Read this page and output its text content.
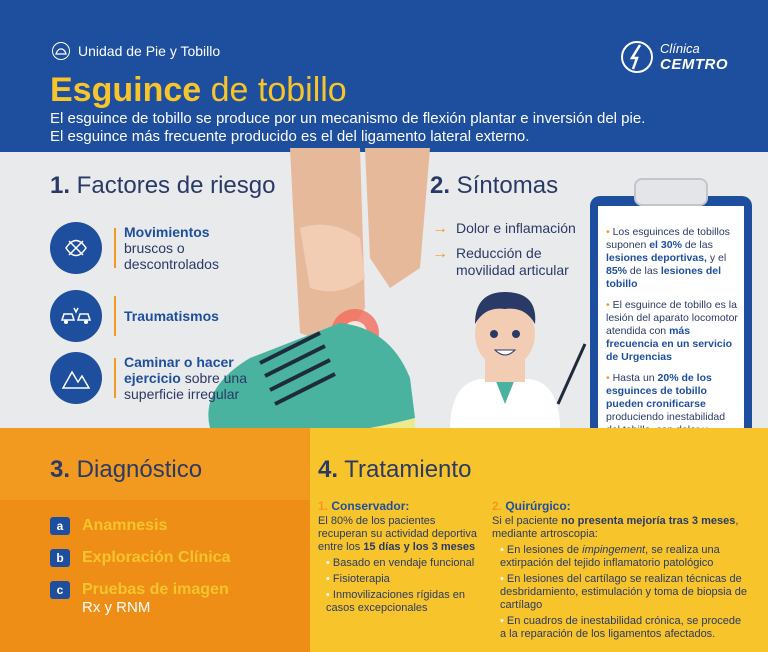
Unidad de Pie y Tobillo
Esguince de tobillo
El esguince de tobillo se produce por un mecanismo de flexión plantar e inversión del pie. El esguince más frecuente producido es el del ligamento lateral externo.
Clínica
CEMTRO
1. Factores de riesgo
Movimientos bruscos o descontrolados
Traumatismos
Caminar o hacer ejercicio sobre una superficie irregular
2. Síntomas
→ Dolor e inflamación
→ Reducción de movilidad articular

• Los esguinces de tobillos suponen el 30% de las lesiones deportivas, y el 85% de las lesiones del tobillo

• El esguince de tobillo es la lesión del aparato locomotor atendida con más frecuencia en un servicio de Urgencias

• Hasta un 20% de los esguinces de tobillo pueden cronificarse produciendo inestabilidad

3. Diagnóstico
a	Anamnesis
b	Exploración Clínica
c	Pruebas de imagen
Rx y RNM
4. Tratamiento
1. Conservador:
El 80% de los pacientes recuperan su actividad deportiva entre los 15 días y los 3 meses
• Basado en vendaje funcional
• Fisioterapia
• Inmovilizaciones rígidas en casos excepcionales
2. Quirúrgico:
Si el paciente no presenta mejoría tras 3 meses, mediante artroscopia:
• En lesiones de impingement, se realiza una extirpación del tejido inflamatorio patológico
• En lesiones del cartílago se realizan técnicas de desbridamiento, estimulación y toma de biopsia de cartílago
• En cuadros de inestabilidad crónica, se procede a la reparación de los ligamentos afectados.
